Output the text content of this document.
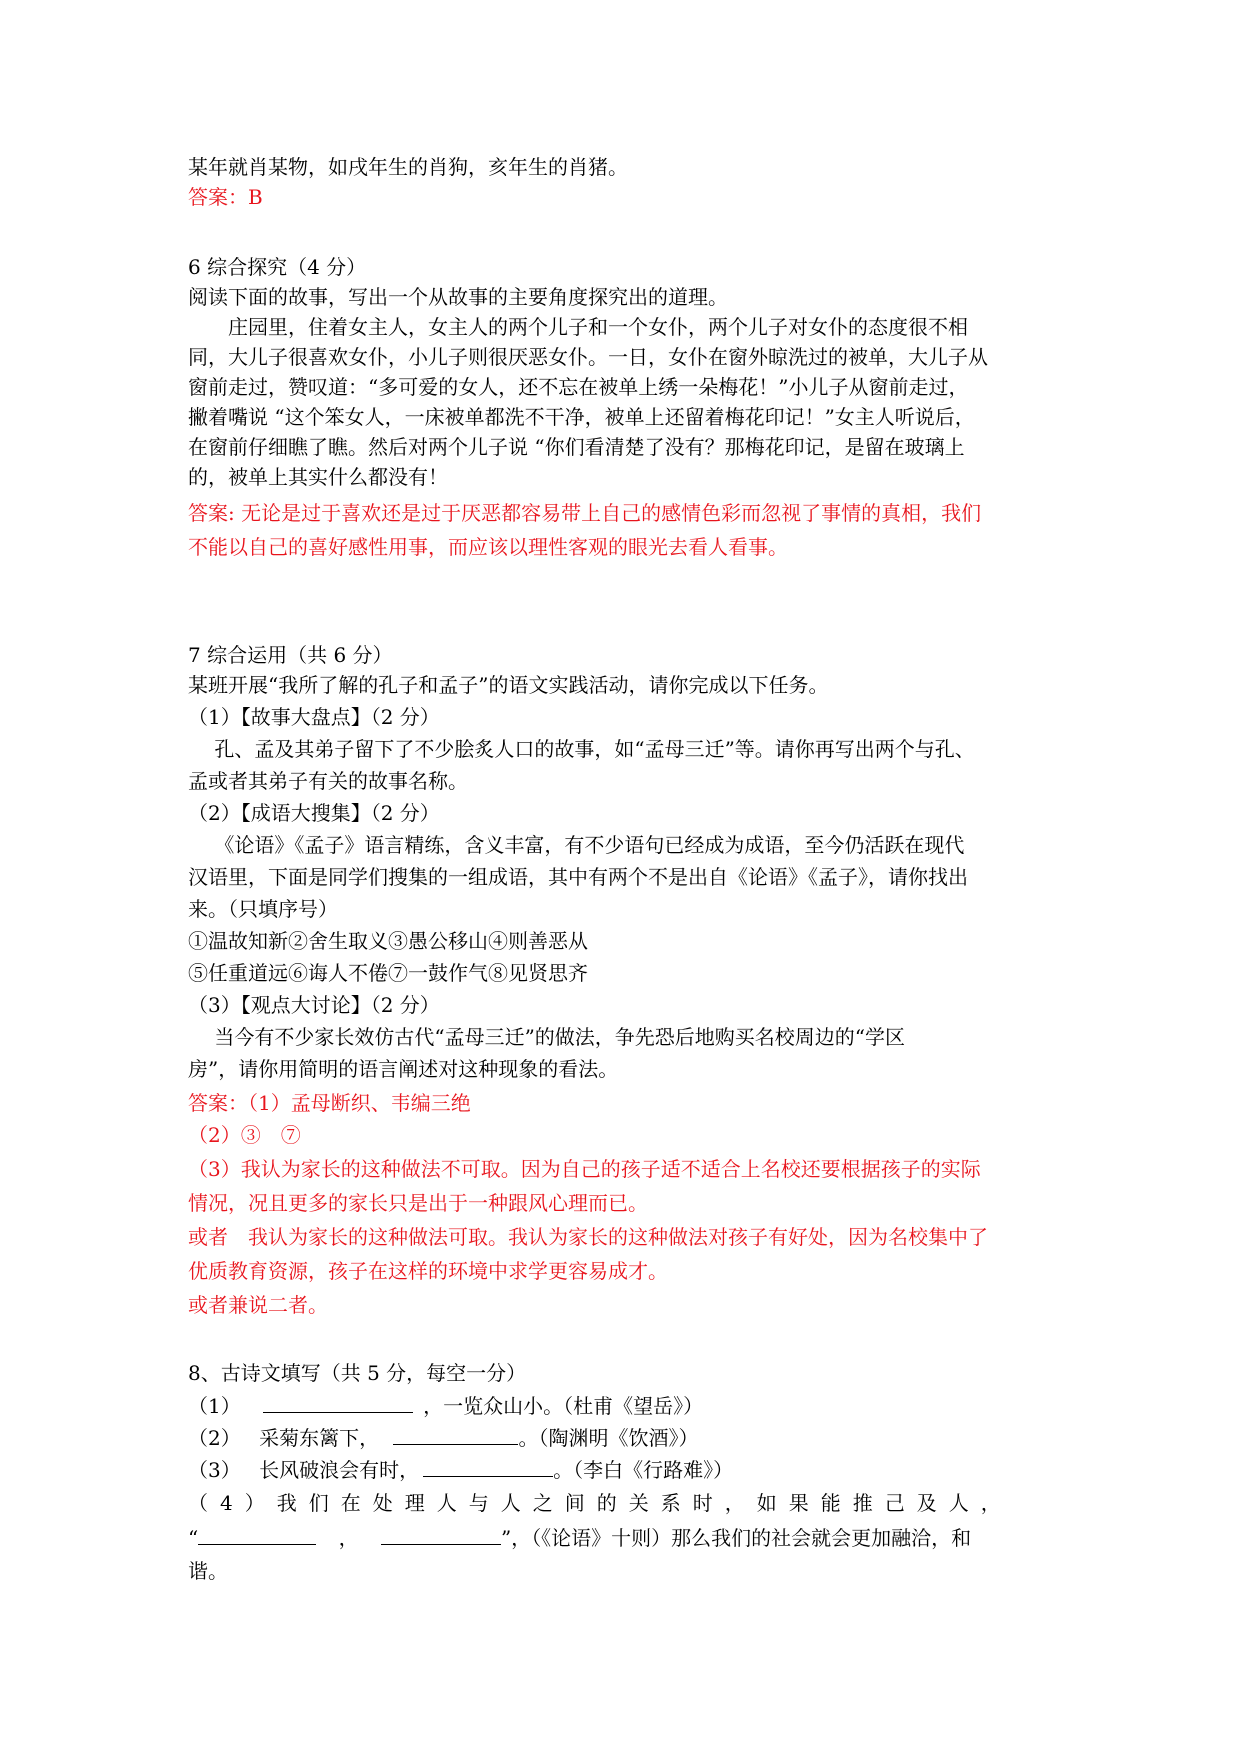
某年就肖某物，如戌年生的肖狗，亥年生的肖猪。
答案：B
6 综合探究（4 分）
阅读下面的故事，写出一个从故事的主要角度探究出的道理。
　　庄园里，住着女主人，女主人的两个儿子和一个女仆，两个儿子对女仆的态度很不相
同，大儿子很喜欢女仆，小儿子则很厌恶女仆。一日，女仆在窗外晾洗过的被单，大儿子从
窗前走过，赞叹道：“多可爱的女人，还不忘在被单上绣一朵梅花！”小儿子从窗前走过，
撇着嘴说 “这个笨女人，一床被单都洗不干净，被单上还留着梅花印记！”女主人听说后，
在窗前仔细瞧了瞧。然后对两个儿子说 “你们看清楚了没有？那梅花印记，是留在玻璃上
的，被单上其实什么都没有！
答案: 无论是过于喜欢还是过于厌恶都容易带上自己的感情色彩而忽视了事情的真相，我们
不能以自己的喜好感性用事，而应该以理性客观的眼光去看人看事。
7 综合运用（共 6 分）
某班开展“我所了解的孔子和孟子”的语文实践活动，请你完成以下任务。
（1）【故事大盘点】（2 分）
　 孔、孟及其弟子留下了不少脍炙人口的故事，如“孟母三迁”等。请你再写出两个与孔、
孟或者其弟子有关的故事名称。
（2）【成语大搜集】（2 分）
　 《论语》《孟子》语言精练，含义丰富，有不少语句已经成为成语，至今仍活跃在现代
汉语里，下面是同学们搜集的一组成语，其中有两个不是出自《论语》《孟子》，请你找出
来。（只填序号）
①温故知新②舍生取义③愚公移山④则善恶从
⑤任重道远⑥诲人不倦⑦一鼓作气⑧见贤思齐
（3）【观点大讨论】（2 分）
　 当今有不少家长效仿古代“孟母三迁”的做法，争先恐后地购买名校周边的“学区
房”，请你用简明的语言阐述对这种现象的看法。
答案：（1）孟母断织、韦编三绝
（2）③　⑦
（3）我认为家长的这种做法不可取。因为自己的孩子适不适合上名校还要根据孩子的实际
情况，况且更多的家长只是出于一种跟风心理而已。
或者　我认为家长的这种做法可取。我认为家长的这种做法对孩子有好处，因为名校集中了
优质教育资源，孩子在这样的环境中求学更容易成才。
或者兼说二者。
8、古诗文填写（共 5 分，每空一分）
（1）	，一览众山小。（杜甫《望岳》）
（2） 采菊东篱下，	。（陶渊明《饮酒》）
（3） 长风破浪会有时，	。（李白《行路难》）
（4）我们在处理人与人之间的关系时，如果能推己及人，
“	，	”，（《论语》十则）那么我们的社会就会更加融洽，和
谐。
